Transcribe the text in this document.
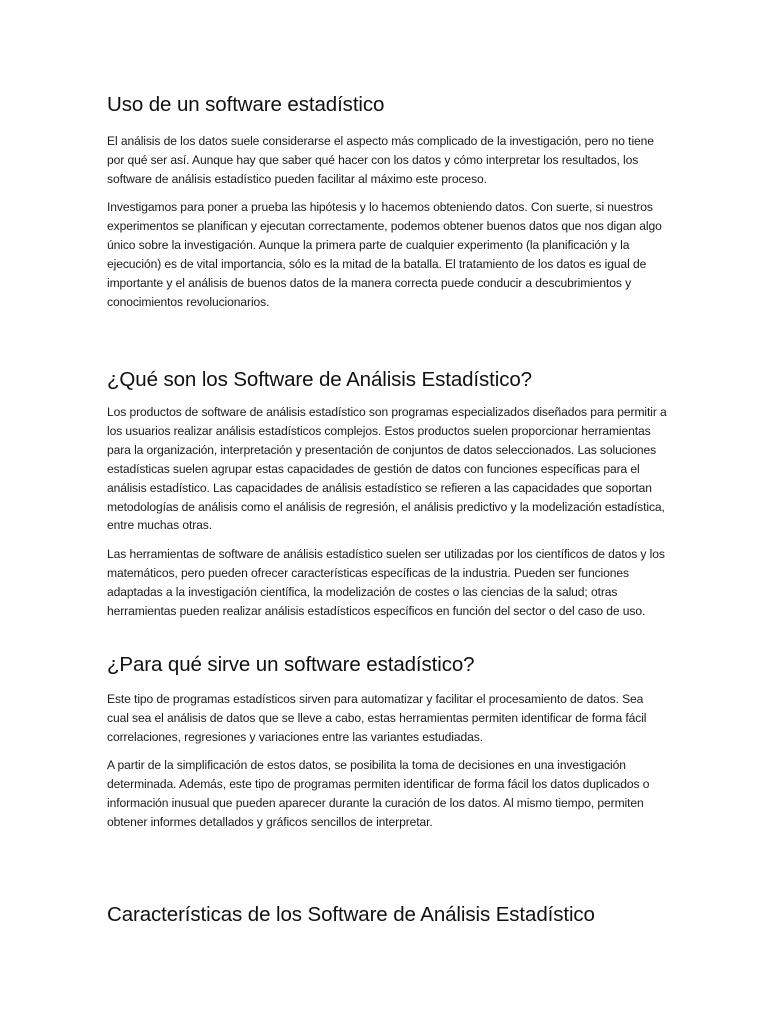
Uso de un software estadístico

El análisis de los datos suele considerarse el aspecto más complicado de la investigación, pero no tiene por qué ser así. Aunque hay que saber qué hacer con los datos y cómo interpretar los resultados, los software de análisis estadístico pueden facilitar al máximo este proceso.

Investigamos para poner a prueba las hipótesis y lo hacemos obteniendo datos. Con suerte, si nuestros experimentos se planifican y ejecutan correctamente, podemos obtener buenos datos que nos digan algo único sobre la investigación. Aunque la primera parte de cualquier experimento (la planificación y la ejecución) es de vital importancia, sólo es la mitad de la batalla. El tratamiento de los datos es igual de importante y el análisis de buenos datos de la manera correcta puede conducir a descubrimientos y conocimientos revolucionarios.

¿Qué son los Software de Análisis Estadístico?

Los productos de software de análisis estadístico son programas especializados diseñados para permitir a los usuarios realizar análisis estadísticos complejos. Estos productos suelen proporcionar herramientas para la organización, interpretación y presentación de conjuntos de datos seleccionados. Las soluciones estadísticas suelen agrupar estas capacidades de gestión de datos con funciones específicas para el análisis estadístico. Las capacidades de análisis estadístico se refieren a las capacidades que soportan metodologías de análisis como el análisis de regresión, el análisis predictivo y la modelización estadística, entre muchas otras.

Las herramientas de software de análisis estadístico suelen ser utilizadas por los científicos de datos y los matemáticos, pero pueden ofrecer características específicas de la industria. Pueden ser funciones adaptadas a la investigación científica, la modelización de costes o las ciencias de la salud; otras herramientas pueden realizar análisis estadísticos específicos en función del sector o del caso de uso.

¿Para qué sirve un software estadístico?

Este tipo de programas estadísticos sirven para automatizar y facilitar el procesamiento de datos. Sea cual sea el análisis de datos que se lleve a cabo, estas herramientas permiten identificar de forma fácil correlaciones, regresiones y variaciones entre las variantes estudiadas.

A partir de la simplificación de estos datos, se posibilita la toma de decisiones en una investigación determinada. Además, este tipo de programas permiten identificar de forma fácil los datos duplicados o información inusual que pueden aparecer durante la curación de los datos. Al mismo tiempo, permiten obtener informes detallados y gráficos sencillos de interpretar.

Características de los Software de Análisis Estadístico
